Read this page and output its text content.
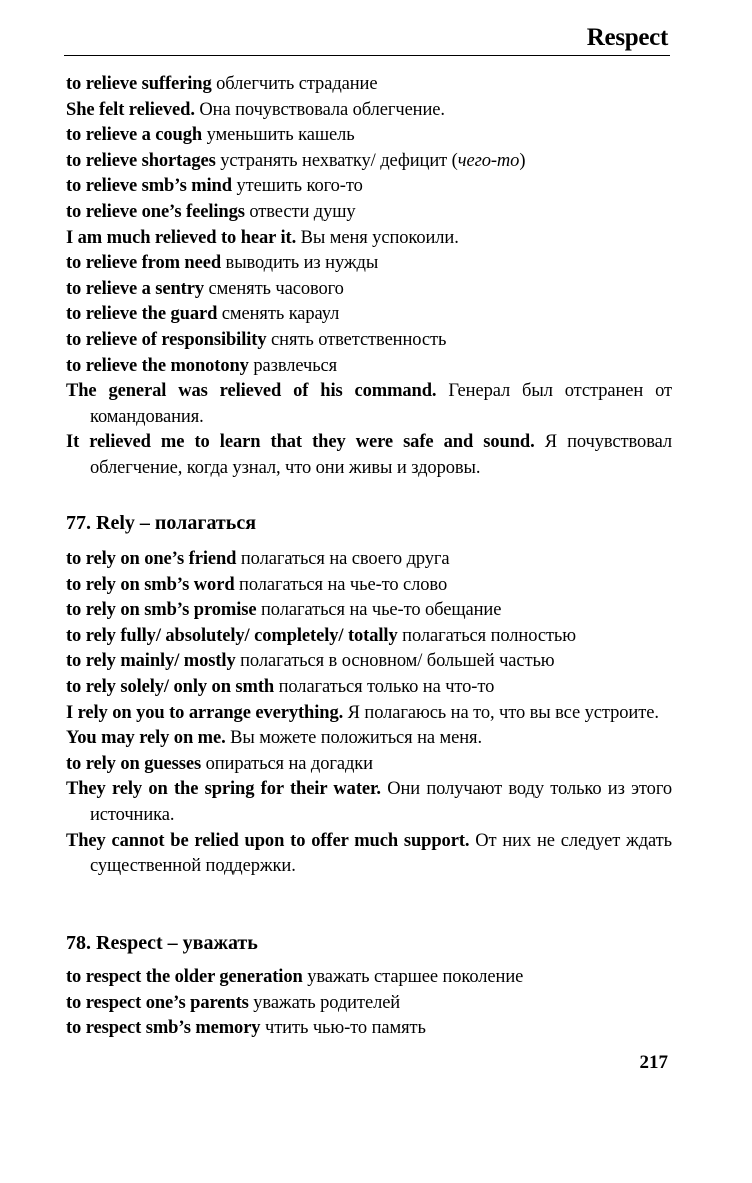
Respect
to relieve suffering облегчить страдание
She felt relieved. Она почувствовала облегчение.
to relieve a cough уменьшить кашель
to relieve shortages устранять нехватку/ дефицит (чего-то)
to relieve smb’s mind утешить кого-то
to relieve one’s feelings отвести душу
I am much relieved to hear it. Вы меня успокоили.
to relieve from need выводить из нужды
to relieve a sentry сменять часового
to relieve the guard сменять караул
to relieve of responsibility снять ответственность
to relieve the monotony развлечься
The general was relieved of his command. Генерал был отстранен от командования.
It relieved me to learn that they were safe and sound. Я почувствовал облегчение, когда узнал, что они живы и здоровы.
77. Rely – полагаться
to rely on one’s friend полагаться на своего друга
to rely on smb’s word полагаться на чье-то слово
to rely on smb’s promise полагаться на чье-то обещание
to rely fully/ absolutely/ completely/ totally полагаться полностью
to rely mainly/ mostly полагаться в основном/ большей частью
to rely solely/ only on smth полагаться только на что-то
I rely on you to arrange everything. Я полагаюсь на то, что вы все устроите.
You may rely on me. Вы можете положиться на меня.
to rely on guesses опираться на догадки
They rely on the spring for their water. Они получают воду только из этого источника.
They cannot be relied upon to offer much support. От них не следует ждать существенной поддержки.
78. Respect – уважать
to respect the older generation уважать старшее поколение
to respect one’s parents уважать родителей
to respect smb’s memory чтить чью-то память
217
